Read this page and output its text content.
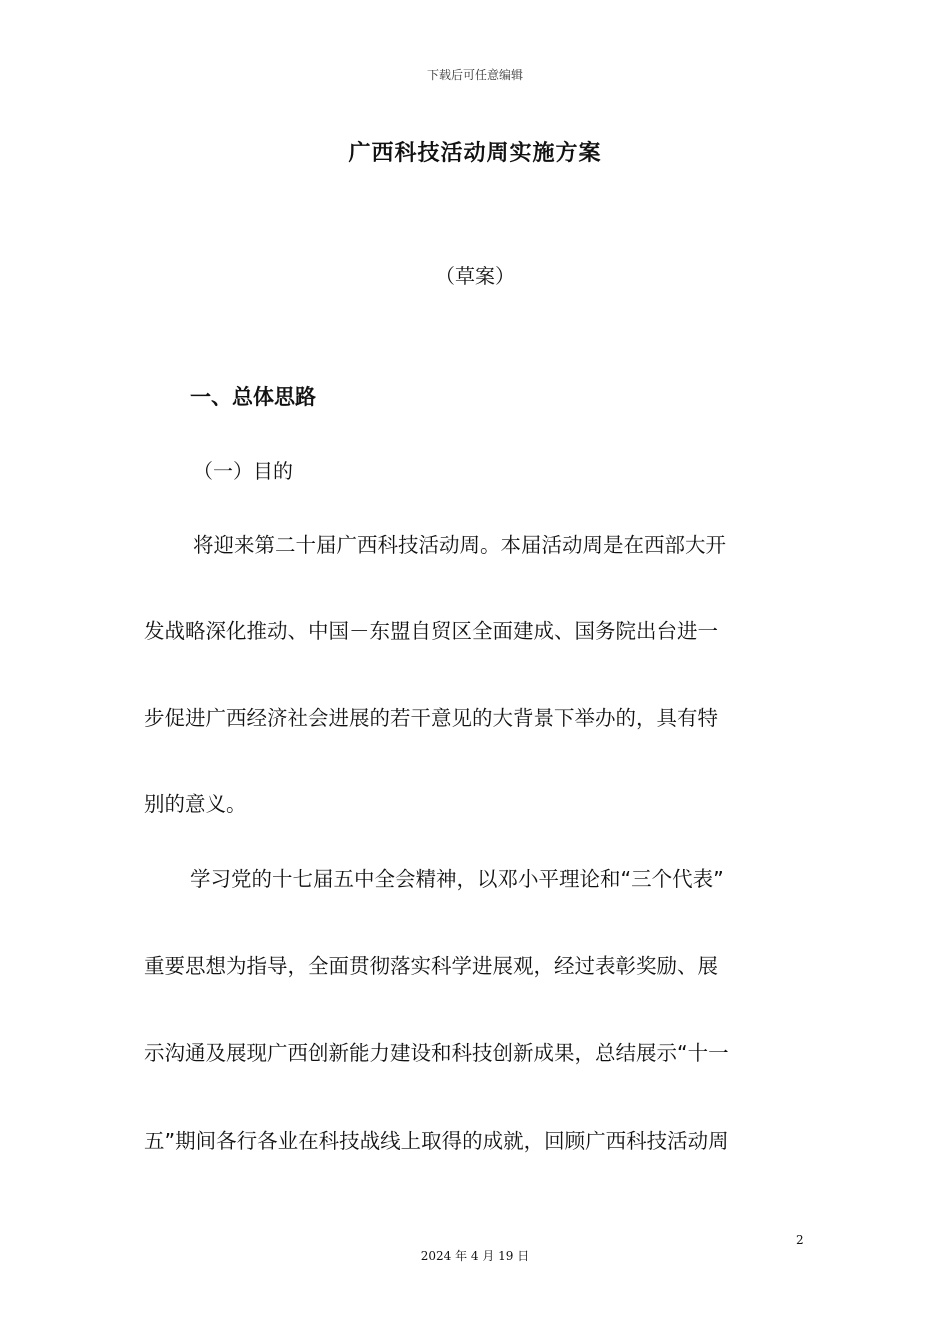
下载后可任意编辑
广西科技活动周实施方案
（草案）
一、总体思路
（一）目的
将迎来第二十届广西科技活动周。本届活动周是在西部大开
发战略深化推动、中国－东盟自贸区全面建成、国务院出台进一
步促进广西经济社会进展的若干意见的大背景下举办的，具有特
别的意义。
学习党的十七届五中全会精神，以邓小平理论和“三个代表”
重要思想为指导，全面贯彻落实科学进展观，经过表彰奖励、展
示沟通及展现广西创新能力建设和科技创新成果，总结展示“十一
五”期间各行各业在科技战线上取得的成就，回顾广西科技活动周
2
2024 年 4 月 19 日
